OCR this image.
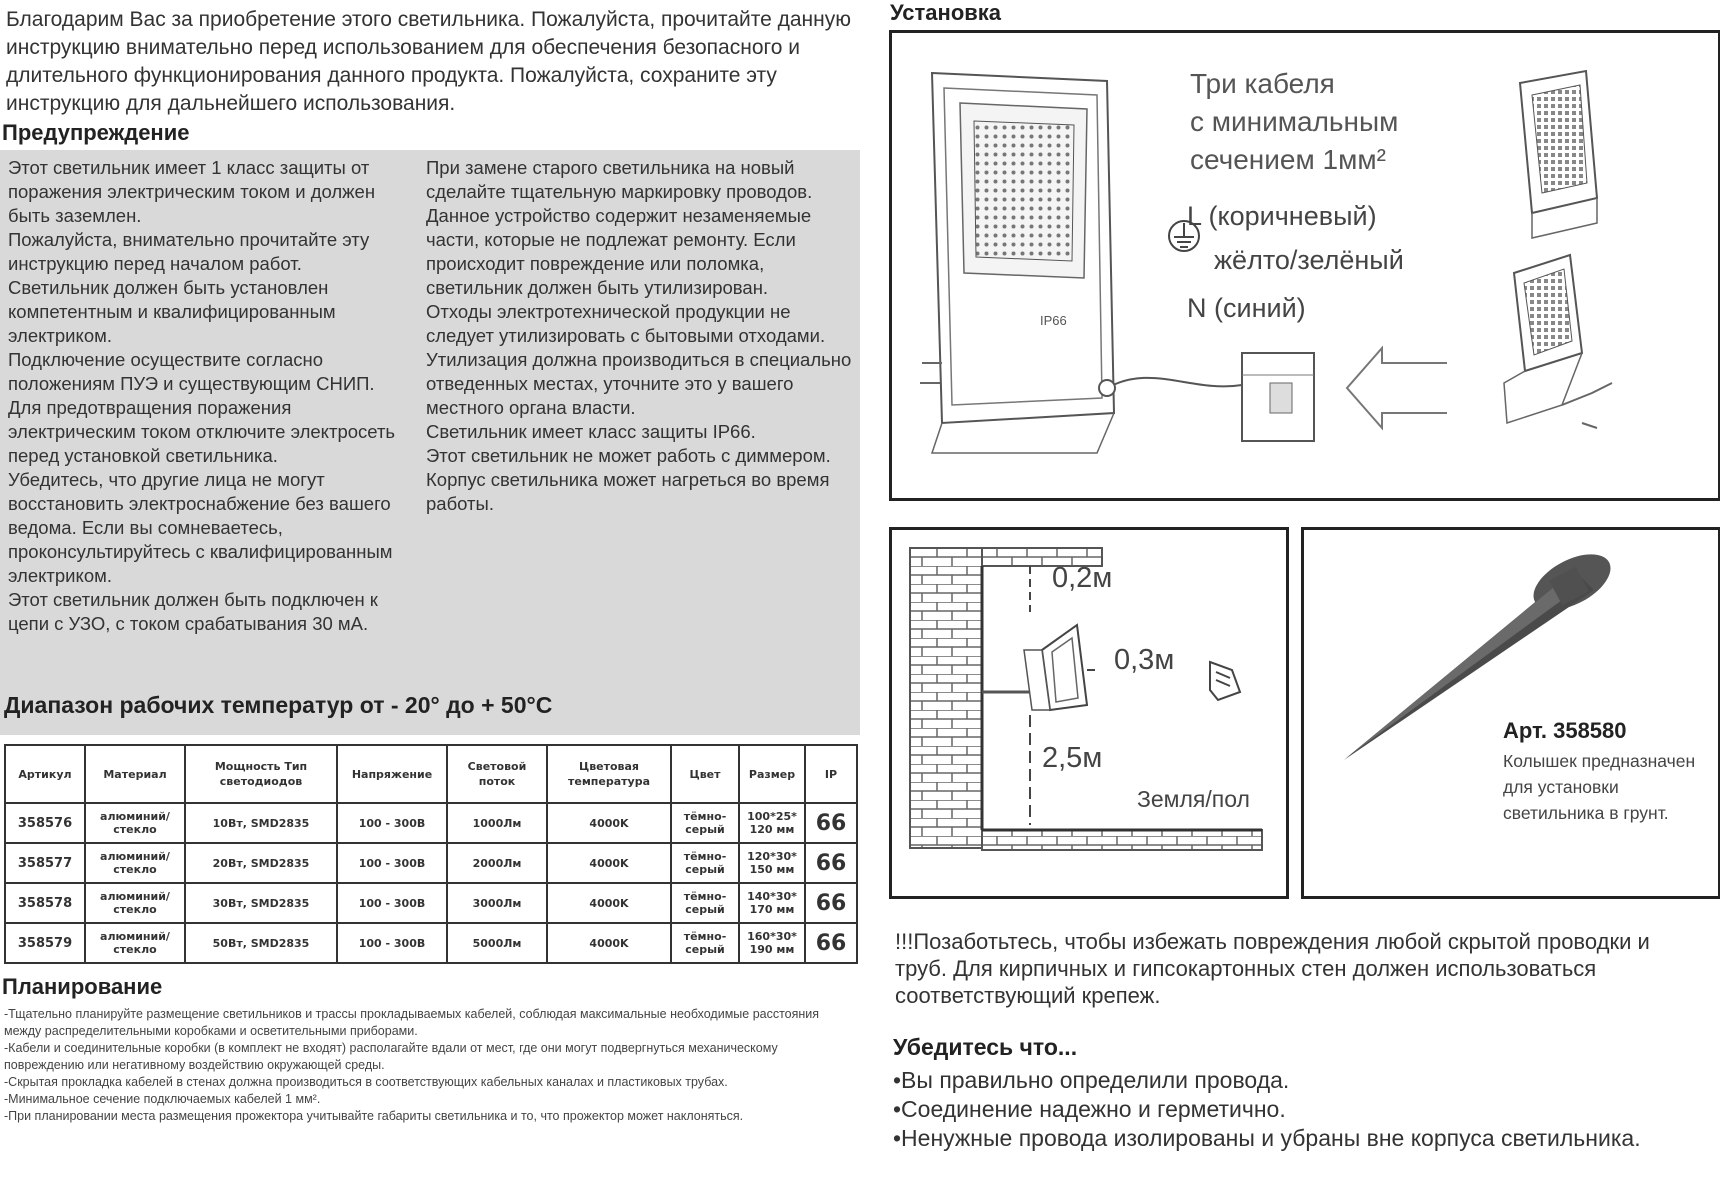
Благодарим Вас за приобретение этого светильника. Пожалуйста, прочитайте данную инструкцию внимательно перед использованием для обеспечения безопасного и длительного функционирования данного продукта. Пожалуйста, сохраните эту инструкцию для дальнейшего использования.
Предупреждение
Этот светильник имеет 1 класс защиты от поражения электрическим током и должен быть заземлен.
Пожалуйста, внимательно прочитайте эту инструкцию перед началом работ.
Светильник должен быть установлен компетентным и квалифицированным электриком.
Подключение осуществите согласно положениям ПУЭ и существующим СНИП.
Для предотвращения поражения электрическим током отключите электросеть перед установкой светильника.
Убедитесь, что другие лица не могут восстановить электроснабжение без вашего ведома. Если вы сомневаетесь, проконсультируйтесь с квалифицированным электриком.
Этот светильник должен быть подключен к цепи с УЗО, с током срабатывания 30 мА.
При замене старого светильника на новый сделайте тщательную маркировку проводов.
Данное устройство содержит незаменяемые части, которые не подлежат ремонту. Если происходит повреждение или поломка, светильник должен быть утилизирован.
Отходы электротехнической продукции не следует утилизировать с бытовыми отходами. Утилизация должна производиться в специально отведенных местах, уточните это у вашего местного органа власти.
Светильник имеет класс защиты IP66.
Этот светильник не может работь с диммером.
Корпус светильника может нагреться во время работы.
Диапазон рабочих температур от - 20° до + 50°C
Артикул	Материал	Мощность Тип светодиодов	Напряжение	Световой поток	Цветовая температура	Цвет	Размер	IP
358576	алюминий/ стекло	10Вт, SMD2835	100 - 300В	1000Лм	4000K	тёмно-серый	100*25* 120 мм	66
358577	алюминий/ стекло	20Вт, SMD2835	100 - 300В	2000Лм	4000K	тёмно-серый	120*30* 150 мм	66
358578	алюминий/ стекло	30Вт, SMD2835	100 - 300В	3000Лм	4000K	тёмно-серый	140*30* 170 мм	66
358579	алюминий/ стекло	50Вт, SMD2835	100 - 300В	5000Лм	4000K	тёмно-серый	160*30* 190 мм	66
Планирование
-Тщательно планируйте размещение светильников и трассы прокладываемых кабелей, соблюдая максимальные необходимые расстояния между распределительными коробками и осветительными приборами.
-Кабели и соединительные коробки (в комплект не входят) располагайте вдали от мест, где они могут подвергнуться механическому повреждению или негативному воздействию окружающей среды.
-Скрытая прокладка кабелей в стенах должна производиться в соответствующих кабельных каналах и пластиковых трубах.
-Минимальное сечение подключаемых кабелей 1 мм².
-При планировании места размещения прожектора учитывайте габариты светильника и то, что прожектор может наклоняться.
Установка
IP66
Три кабеля
с минимальным
сечением 1мм²
L (коричневый)
жёлто/зелёный
N (синий)
0,2м
0,3м
2,5м
Земля/пол
Арт. 358580
Колышек предназначен для установки светильника в грунт.
!!!Позаботьтесь, чтобы избежать повреждения любой скрытой проводки и труб. Для кирпичных и гипсокартонных стен должен использоваться соответствующий крепеж.
Убедитесь что...
•Вы правильно определили провода.
•Соединение надежно и герметично.
•Ненужные провода изолированы и убраны вне корпуса светильника.
